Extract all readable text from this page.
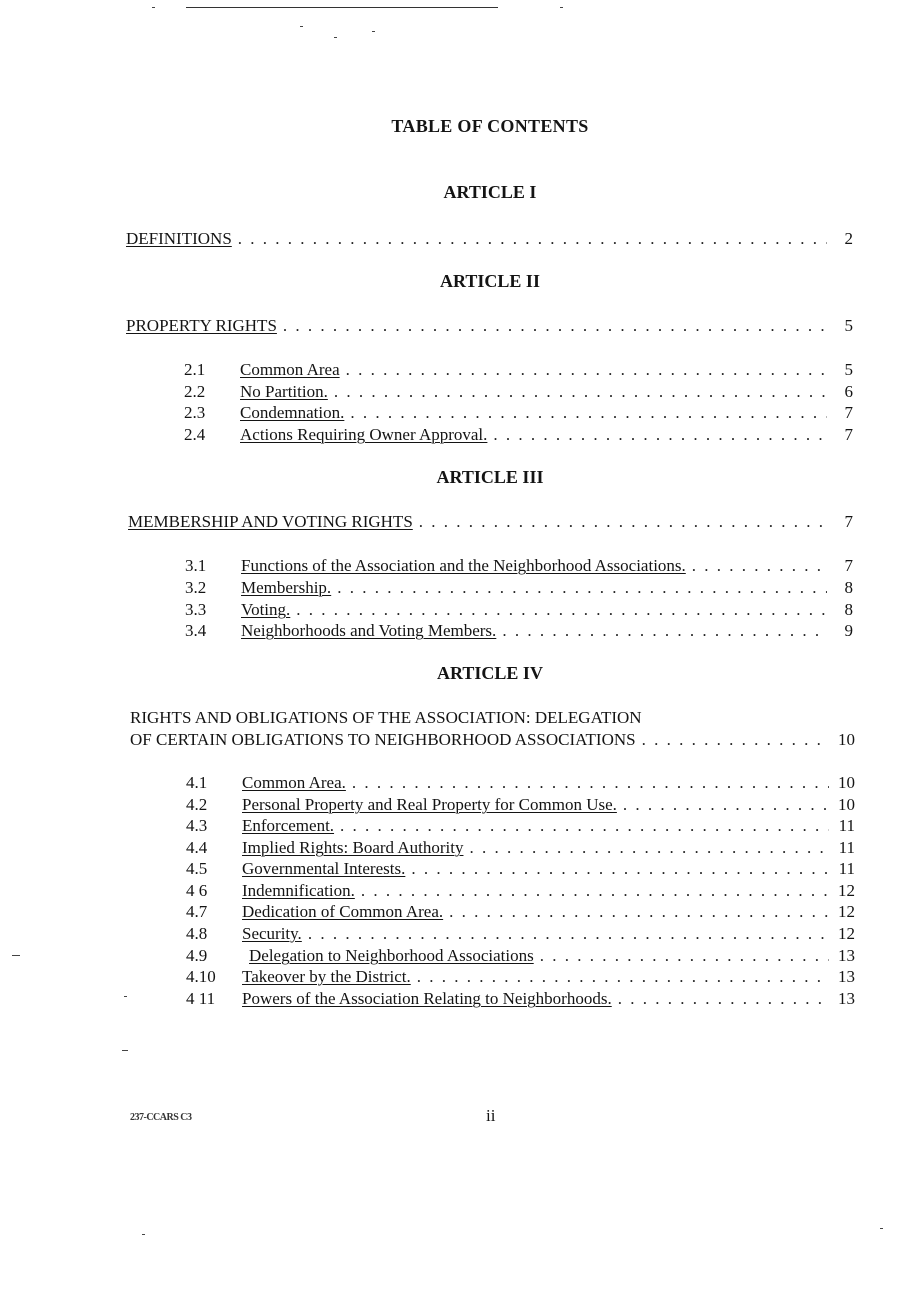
TABLE OF CONTENTS
ARTICLE I
DEFINITIONS . . .	2
ARTICLE II
PROPERTY RIGHTS . . .	5
2.1	Common Area . . .	5
2.2	No Partition. . . .	6
2.3	Condemnation. . . .	7
2.4	Actions Requiring Owner Approval. . . .	7
ARTICLE III
MEMBERSHIP AND VOTING RIGHTS . . .	7
3.1	Functions of the Association and the Neighborhood Associations. . . .	7
3.2	Membership. . . .	8
3.3	Voting. . . .	8
3.4	Neighborhoods and Voting Members. . . .	9
ARTICLE IV
RIGHTS AND OBLIGATIONS OF THE ASSOCIATION: DELEGATION
OF CERTAIN OBLIGATIONS TO NEIGHBORHOOD ASSOCIATIONS . . .	10
4.1	Common Area. . . .	10
4.2	Personal Property and Real Property for Common Use. . . .	10
4.3	Enforcement. . . .	11
4.4	Implied Rights: Board Authority . . .	11
4.5	Governmental Interests. . . .	11
4 6	Indemnification. . . .	12
4.7	Dedication of Common Area. . . .	12
4.8	Security. . . .	12
4.9	Delegation to Neighborhood Associations . . .	13
4.10	Takeover by the District. . . .	13
4 11	Powers of the Association Relating to Neighborhoods. . . .	13
237-CCARS C3	ii
